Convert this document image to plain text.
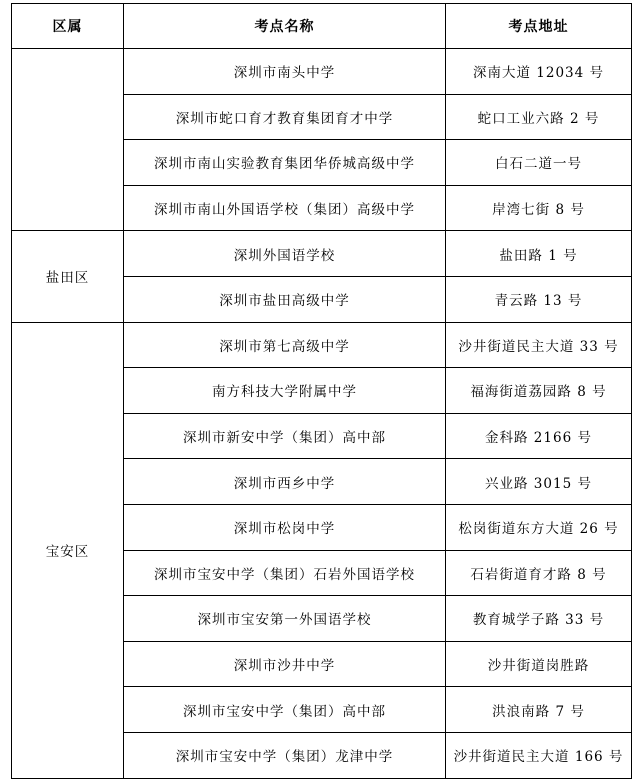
区属	考点名称	考点地址
	深圳市南头中学	深南大道 12034 号
	深圳市蛇口育才教育集团育才中学	蛇口工业六路 2 号
	深圳市南山实验教育集团华侨城高级中学	白石二道一号
	深圳市南山外国语学校（集团）高级中学	岸湾七街 8 号
盐田区	深圳外国语学校	盐田路 1 号
	深圳市盐田高级中学	青云路 13 号
宝安区	深圳市第七高级中学	沙井街道民主大道 33 号
	南方科技大学附属中学	福海街道荔园路 8 号
	深圳市新安中学（集团）高中部	金科路 2166 号
	深圳市西乡中学	兴业路 3015 号
	深圳市松岗中学	松岗街道东方大道 26 号
	深圳市宝安中学（集团）石岩外国语学校	石岩街道育才路 8 号
	深圳市宝安第一外国语学校	教育城学子路 33 号
	深圳市沙井中学	沙井街道岗胜路
	深圳市宝安中学（集团）高中部	洪浪南路 7 号
	深圳市宝安中学（集团）龙津中学	沙井街道民主大道 166 号
